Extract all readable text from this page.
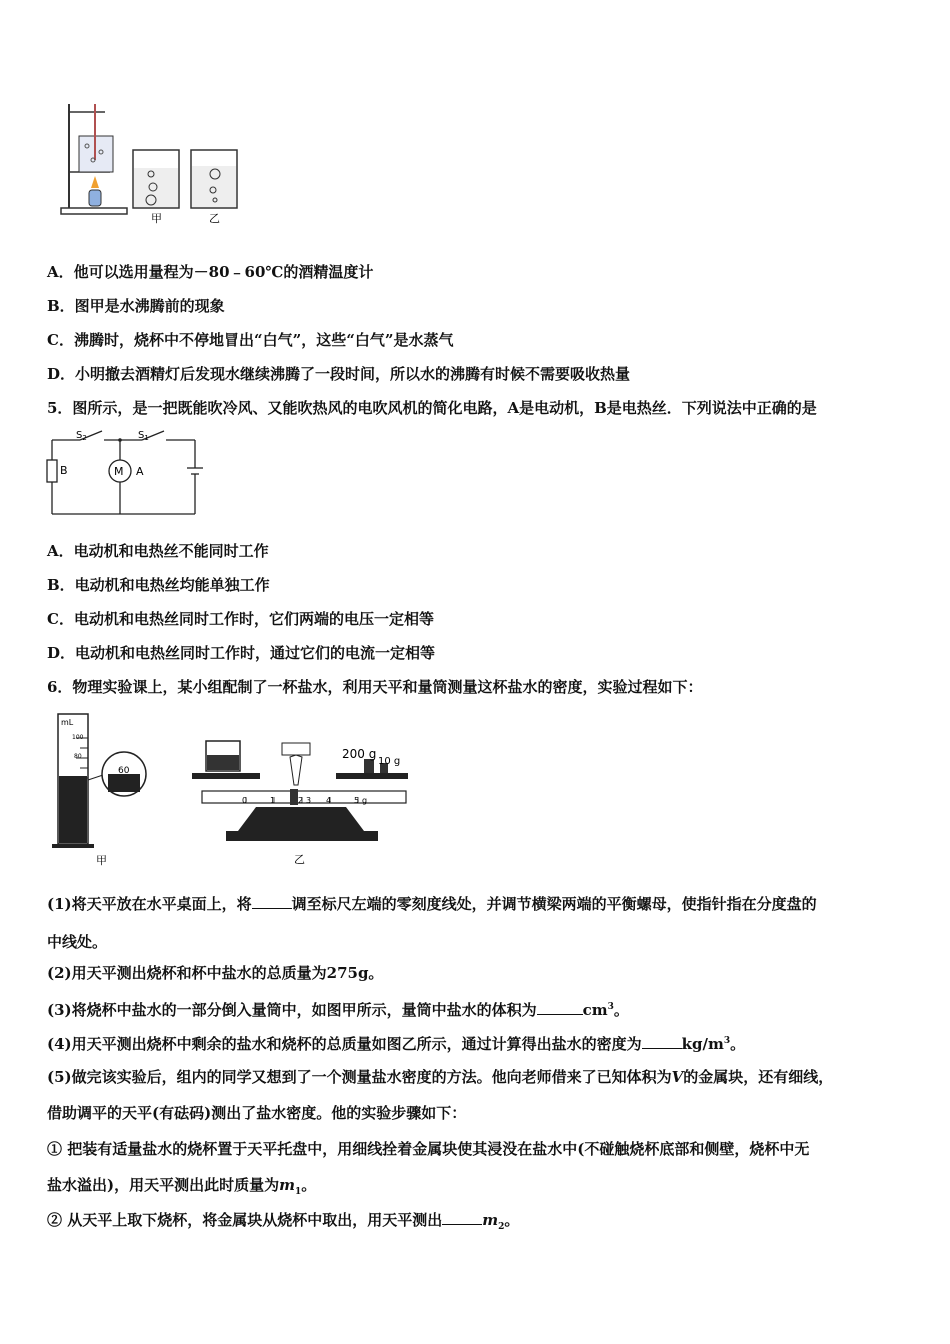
甲	乙
A．他可以选用量程为－80﹣60℃的酒精温度计
B．图甲是水沸腾前的现象
C．沸腾时，烧杯中不停地冒出“白气”，这些“白气”是水蒸气
D．小明撤去酒精灯后发现水继续沸腾了一段时间，所以水的沸腾有时候不需要吸收热量
5．图所示，是一把既能吹冷风、又能吹热风的电吹风机的简化电路，A是电动机，B是电热丝．下列说法中正确的是
$S_2$	$S_1$
B	M A
A．电动机和电热丝不能同时工作
B．电动机和电热丝均能单独工作
C．电动机和电热丝同时工作时，它们两端的电压一定相等
D．电动机和电热丝同时工作时，通过它们的电流一定相等
6．物理实验课上，某小组配制了一杯盐水，利用天平和量筒测量这杯盐水的密度，实验过程如下：
mL
100
80
60	60
甲
200 g
10 g
0	1	2 3 4	5 g
乙
(1)将天平放在水平桌面上，将	调至标尺左端的零刻度线处，并调节横梁两端的平衡螺母，使指针指在分度盘的
中线处。
(2)用天平测出烧杯和杯中盐水的总质量为275g。
(3)将烧杯中盐水的一部分倒入量筒中，如图甲所示，量筒中盐水的体积为	$cm^3$。
(4)用天平测出烧杯中剩余的盐水和烧杯的总质量如图乙所示，通过计算得出盐水的密度为	$kg/m^3$。
(5)做完该实验后，组内的同学又想到了一个测量盐水密度的方法。他向老师借来了已知体积为V的金属块，还有细线，
借助调平的天平(有砝码)测出了盐水密度。他的实验步骤如下：
① 把装有适量盐水的烧杯置于天平托盘中，用细线拴着金属块使其浸没在盐水中(不碰触烧杯底部和侧壁，烧杯中无
盐水溢出)，用天平测出此时质量为$m_1$。
② 从天平上取下烧杯，将金属块从烧杯中取出，用天平测出	$m_2$。
